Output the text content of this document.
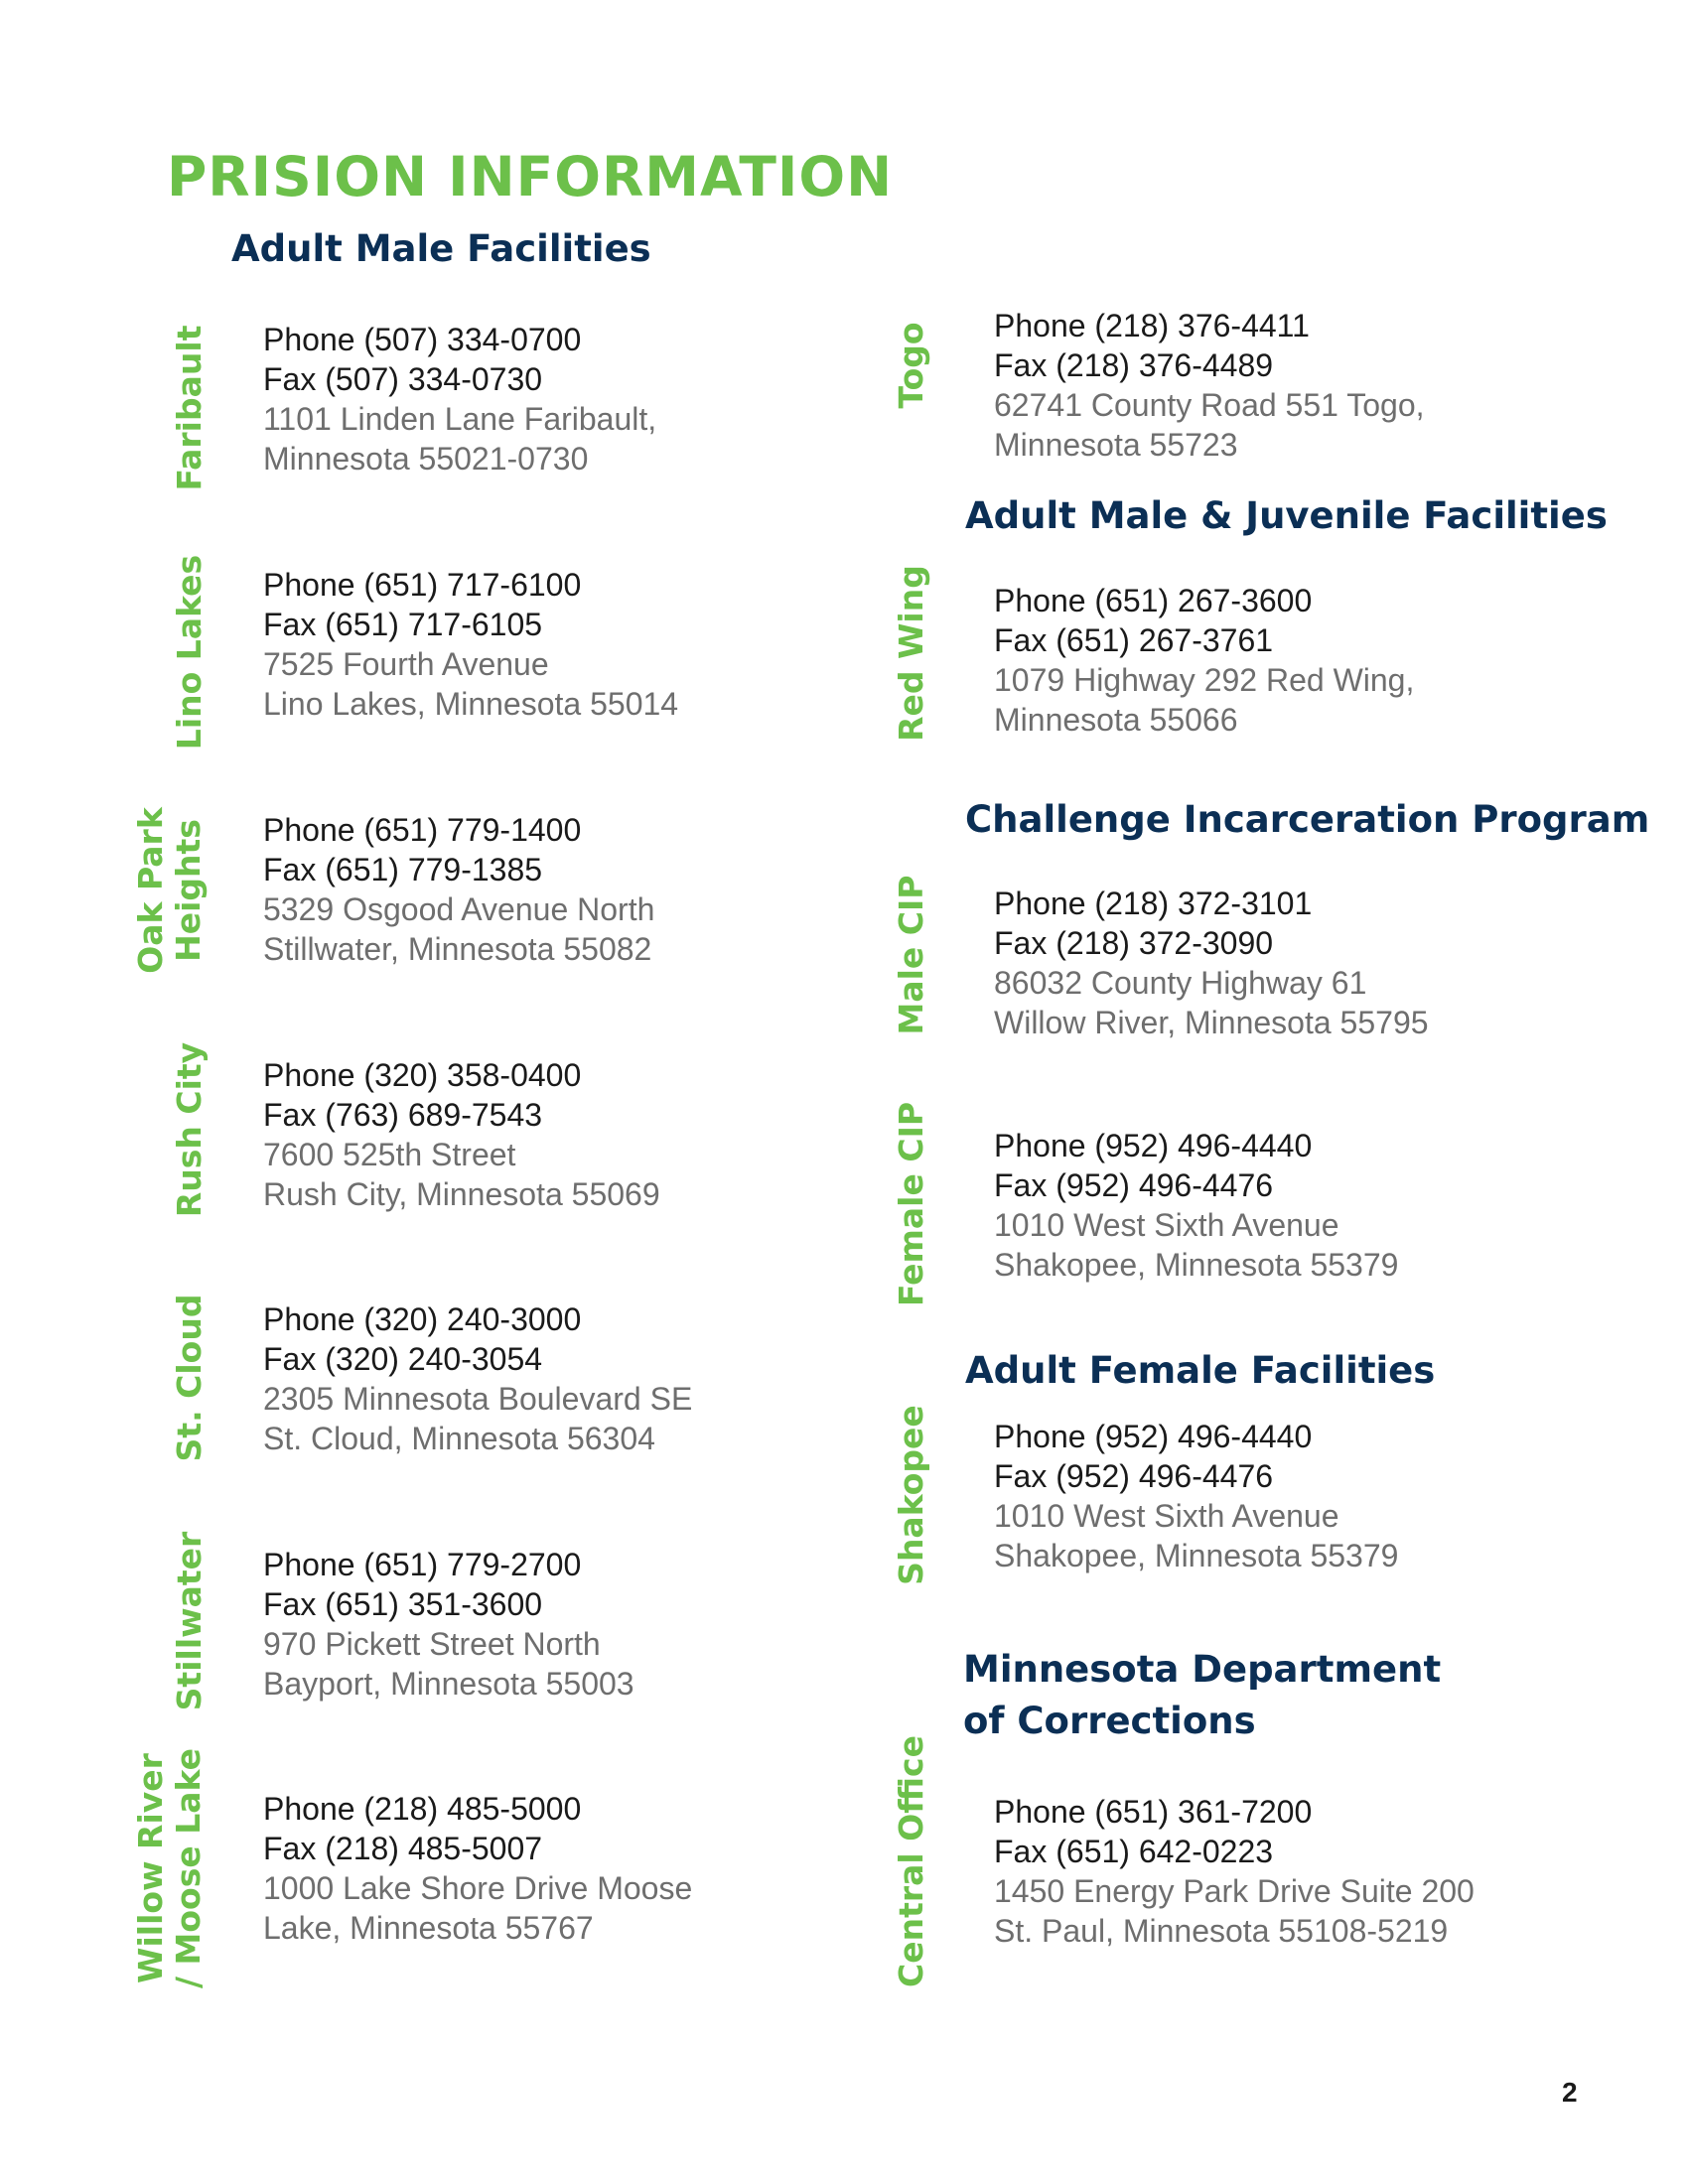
PRISION INFORMATION
Adult Male Facilities
Adult Male & Juvenile Facilities
Challenge Incarceration Program
Adult Female Facilities
Minnesota Department
of Corrections
Faribault Phone (507) 334-0700
Fax (507) 334-0730
1101 Linden Lane Faribault,
Minnesota 55021-0730
Lino Lakes Phone (651) 717-6100
Fax (651) 717-6105
7525 Fourth Avenue
Lino Lakes, Minnesota 55014
Oak Park Heights Phone (651) 779-1400
Fax (651) 779-1385
5329 Osgood Avenue North
Stillwater, Minnesota 55082
Rush City Phone (320) 358-0400
Fax (763) 689-7543
7600 525th Street
Rush City, Minnesota 55069
St. Cloud Phone (320) 240-3000
Fax (320) 240-3054
2305 Minnesota Boulevard SE
St. Cloud, Minnesota 56304
Stillwater Phone (651) 779-2700
Fax (651) 351-3600
970 Pickett Street North
Bayport, Minnesota 55003
Willow River / Moose Lake Phone (218) 485-5000
Fax (218) 485-5007
1000 Lake Shore Drive Moose
Lake, Minnesota 55767
Togo Phone (218) 376-4411
Fax (218) 376-4489
62741 County Road 551 Togo,
Minnesota 55723
Red Wing Phone (651) 267-3600
Fax (651) 267-3761
1079 Highway 292 Red Wing,
Minnesota 55066
Male CIP Phone (218) 372-3101
Fax (218) 372-3090
86032 County Highway 61
Willow River, Minnesota 55795
Female CIP Phone (952) 496-4440
Fax (952) 496-4476
1010 West Sixth Avenue
Shakopee, Minnesota 55379
Shakopee Phone (952) 496-4440
Fax (952) 496-4476
1010 West Sixth Avenue
Shakopee, Minnesota 55379
Central Office Phone (651) 361-7200
Fax (651) 642-0223
1450 Energy Park Drive Suite 200
St. Paul, Minnesota 55108-5219
2
